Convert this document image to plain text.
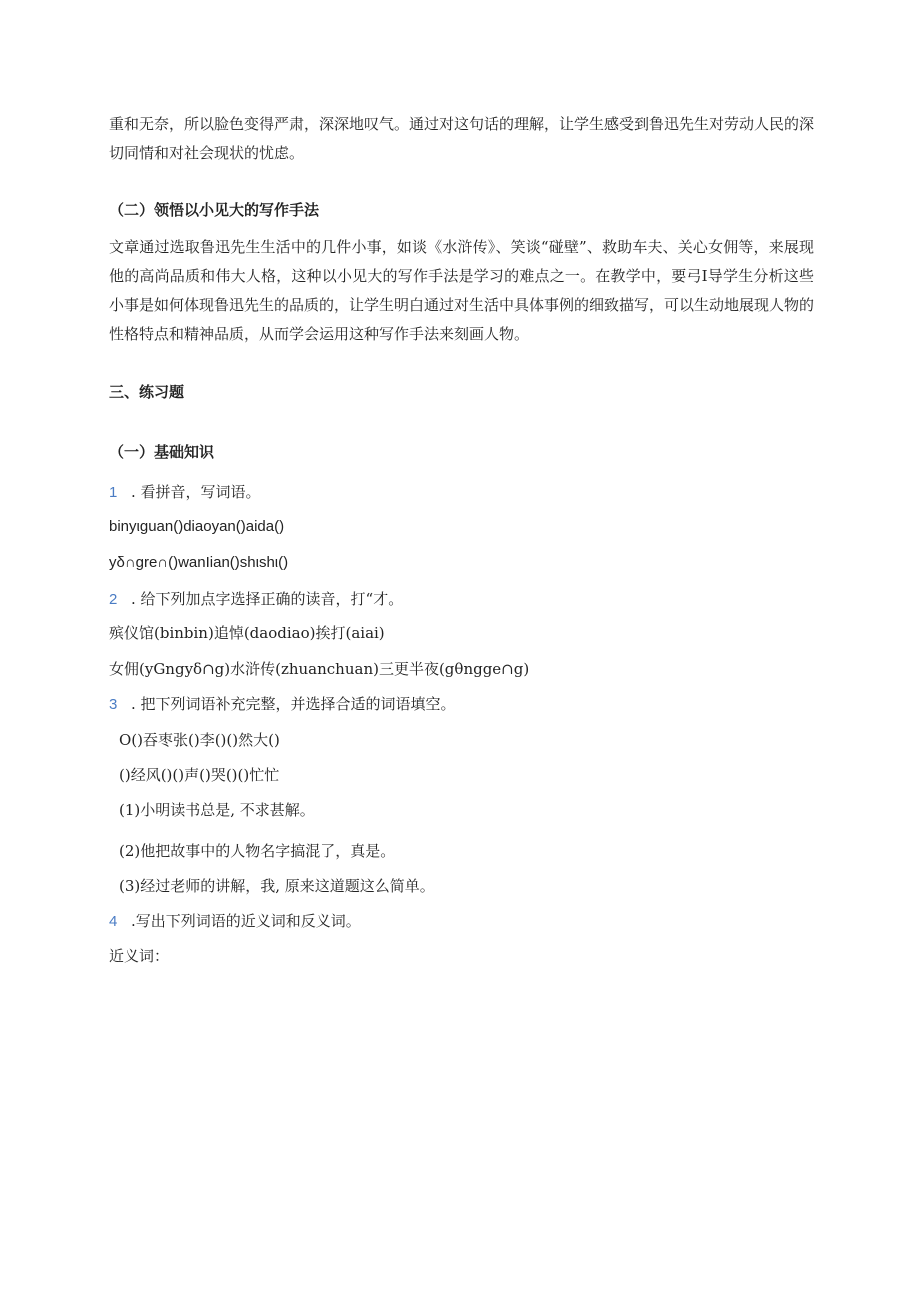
重和无奈，所以脸色变得严肃，深深地叹气。通过对这句话的理解，让学生感受到鲁迅先生对劳动人民的深切同情和对社会现状的忧虑。
（二）领悟以小见大的写作手法
文章通过选取鲁迅先生生活中的几件小事，如谈《水浒传》、笑谈“碰壁”、救助车夫、关心女佣等，来展现他的高尚品质和伟大人格，这种以小见大的写作手法是学习的难点之一。在教学中，要弓I导学生分析这些小事是如何体现鲁迅先生的品质的，让学生明白通过对生活中具体事例的细致描写，可以生动地展现人物的性格特点和精神品质，从而学会运用这种写作手法来刻画人物。
三、练习题
（一）基础知识
1 . 看拼音，写词语。
binyιguan()diaoyan()aida()
yδ∩gre∩()wanIian()shιshι()
2 . 给下列加点字选择正确的读音，打“才。
殡仪馆(binbin)追悼(daodiao)挨打(aiai)
女佣(yGngyδ∩g)水浒传(zhuanchuan)三更半夜(gθngge∩g)
3 . 把下列词语补充完整，并选择合适的词语填空。
O()吞枣张()李()()然大()
()经风()()声()哭()()忙忙
(1)小明读书总是, 不求甚解。
(2)他把故事中的人物名字搞混了，真是。
(3)经过老师的讲解，我, 原来这道题这么简单。
4 .写出下列词语的近义词和反义词。
近义词：
